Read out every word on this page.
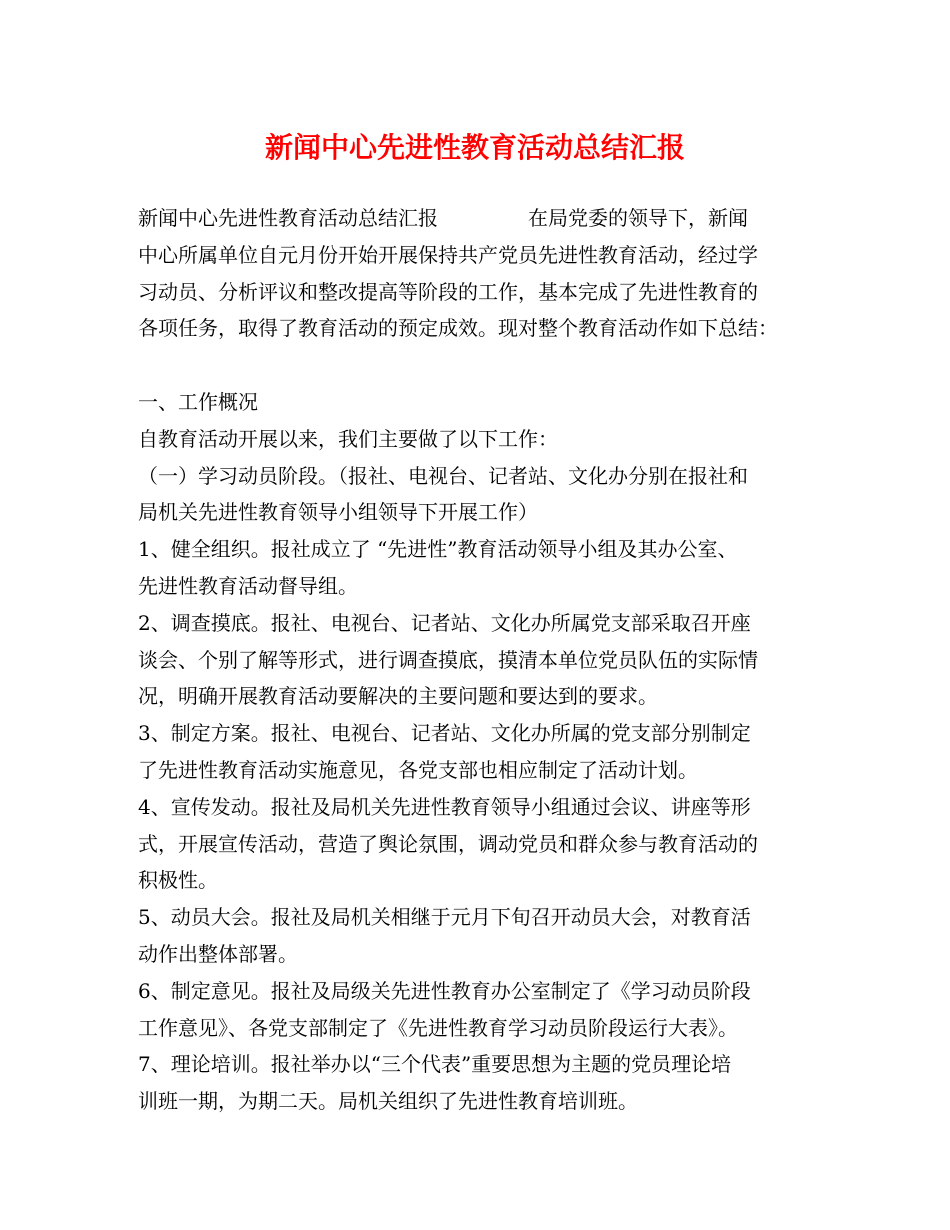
新闻中心先进性教育活动总结汇报
新闻中心先进性教育活动总结汇报	在局党委的领导下，新闻
中心所属单位自元月份开始开展保持共产党员先进性教育活动，经过学
习动员、分析评议和整改提高等阶段的工作，基本完成了先进性教育的
各项任务，取得了教育活动的预定成效。现对整个教育活动作如下总结：
一、工作概况
自教育活动开展以来，我们主要做了以下工作：
（一）学习动员阶段。（报社、电视台、记者站、文化办分别在报社和
局机关先进性教育领导小组领导下开展工作）
1、健全组织。报社成立了 “先进性”教育活动领导小组及其办公室、
先进性教育活动督导组。
2、调查摸底。报社、电视台、记者站、文化办所属党支部采取召开座
谈会、个别了解等形式，进行调查摸底，摸清本单位党员队伍的实际情
况，明确开展教育活动要解决的主要问题和要达到的要求。
3、制定方案。报社、电视台、记者站、文化办所属的党支部分别制定
了先进性教育活动实施意见，各党支部也相应制定了活动计划。
4、宣传发动。报社及局机关先进性教育领导小组通过会议、讲座等形
式，开展宣传活动，营造了舆论氛围，调动党员和群众参与教育活动的
积极性。
5、动员大会。报社及局机关相继于元月下旬召开动员大会，对教育活
动作出整体部署。
6、制定意见。报社及局级关先进性教育办公室制定了《学习动员阶段
工作意见》、各党支部制定了《先进性教育学习动员阶段运行大表》。
7、理论培训。报社举办以“三个代表”重要思想为主题的党员理论培
训班一期，为期二天。局机关组织了先进性教育培训班。
